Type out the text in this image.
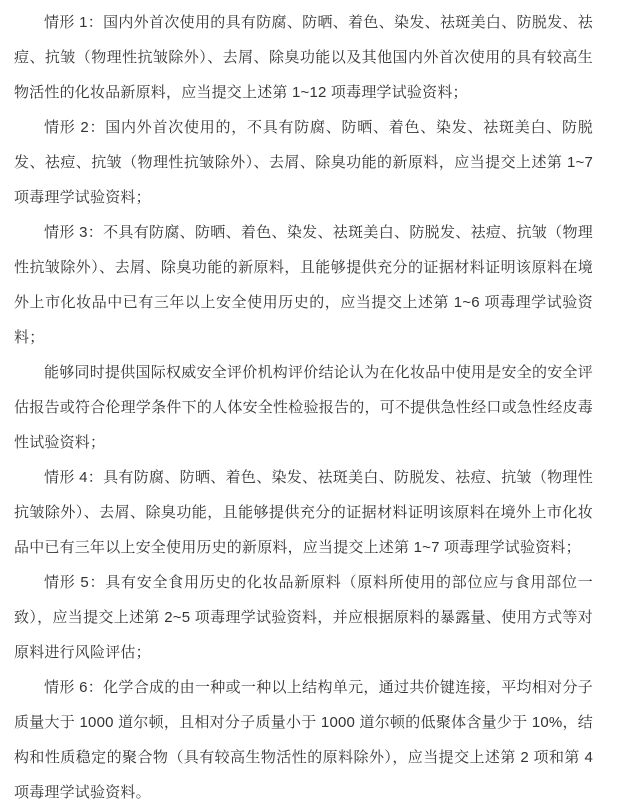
情形 1：国内外首次使用的具有防腐、防晒、着色、染发、祛斑美白、防脱发、祛痘、抗皱（物理性抗皱除外）、去屑、除臭功能以及其他国内外首次使用的具有较高生物活性的化妆品新原料，应当提交上述第 1~12 项毒理学试验资料；

情形 2：国内外首次使用的，不具有防腐、防晒、着色、染发、祛斑美白、防脱发、祛痘、抗皱（物理性抗皱除外）、去屑、除臭功能的新原料，应当提交上述第 1~7 项毒理学试验资料；

情形 3：不具有防腐、防晒、着色、染发、祛斑美白、防脱发、祛痘、抗皱（物理性抗皱除外）、去屑、除臭功能的新原料，且能够提供充分的证据材料证明该原料在境外上市化妆品中已有三年以上安全使用历史的，应当提交上述第 1~6 项毒理学试验资料；

能够同时提供国际权威安全评价机构评价结论认为在化妆品中使用是安全的安全评估报告或符合伦理学条件下的人体安全性检验报告的，可不提供急性经口或急性经皮毒性试验资料；

情形 4：具有防腐、防晒、着色、染发、祛斑美白、防脱发、祛痘、抗皱（物理性抗皱除外）、去屑、除臭功能，且能够提供充分的证据材料证明该原料在境外上市化妆品中已有三年以上安全使用历史的新原料，应当提交上述第 1~7 项毒理学试验资料；

情形 5：具有安全食用历史的化妆品新原料（原料所使用的部位应与食用部位一致），应当提交上述第 2~5 项毒理学试验资料，并应根据原料的暴露量、使用方式等对原料进行风险评估；

情形 6：化学合成的由一种或一种以上结构单元，通过共价键连接，平均相对分子质量大于 1000 道尔顿，且相对分子质量小于 1000 道尔顿的低聚体含量少于 10%，结构和性质稳定的聚合物（具有较高生物活性的原料除外），应当提交上述第 2 项和第 4 项毒理学试验资料。
